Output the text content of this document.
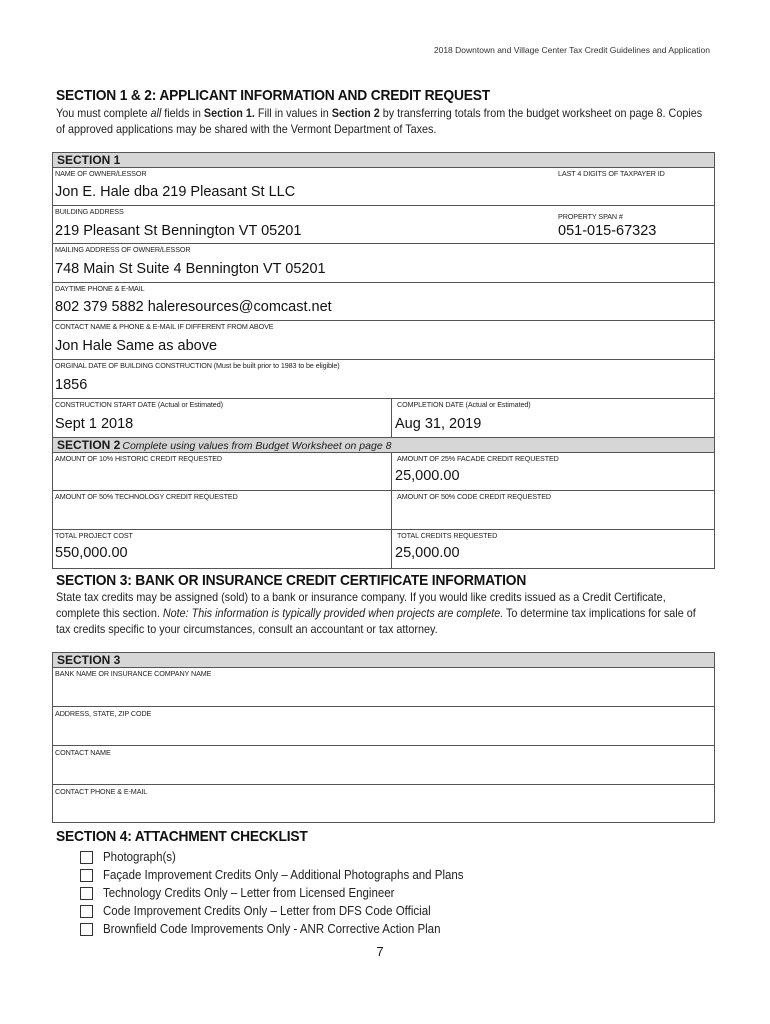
2018 Downtown and Village Center Tax Credit Guidelines and Application
SECTION 1 & 2: APPLICANT INFORMATION AND CREDIT REQUEST
You must complete all fields in Section 1. Fill in values in Section 2 by transferring totals from the budget worksheet on page 8. Copies of approved applications may be shared with the Vermont Department of Taxes.
SECTION 1
NAME OF OWNER/LESSOR
Jon E. Hale dba 219 Pleasant St LLC
LAST 4 DIGITS OF TAXPAYER ID
BUILDING ADDRESS
219 Pleasant St Bennington VT 05201
PROPERTY SPAN #
051-015-67323
MAILING ADDRESS OF OWNER/LESSOR
748 Main St Suite 4 Bennington VT 05201
DAYTIME PHONE & E-MAIL
802 379 5882 haleresources@comcast.net
CONTACT NAME & PHONE & E-MAIL IF DIFFERENT FROM ABOVE
Jon Hale Same as above
ORGINAL DATE OF BUILDING CONSTRUCTION (Must be built prior to 1983 to be eligible)
1856
CONSTRUCTION START DATE (Actual or Estimated)
Sept 1 2018
COMPLETION DATE (Actual or Estimated)
Aug 31, 2019
SECTION 2 Complete using values from Budget Worksheet on page 8
AMOUNT OF 10% HISTORIC CREDIT REQUESTED	AMOUNT OF 25% FACADE CREDIT REQUESTED
25,000.00
AMOUNT OF 50% TECHNOLOGY CREDIT REQUESTED	AMOUNT OF 50% CODE CREDIT REQUESTED
TOTAL PROJECT COST
550,000.00
TOTAL CREDITS REQUESTED
25,000.00
SECTION 3: BANK OR INSURANCE CREDIT CERTIFICATE INFORMATION
State tax credits may be assigned (sold) to a bank or insurance company. If you would like credits issued as a Credit Certificate, complete this section. Note: This information is typically provided when projects are complete. To determine tax implications for sale of tax credits specific to your circumstances, consult an accountant or tax attorney.
SECTION 3
BANK NAME OR INSURANCE COMPANY NAME
ADDRESS, STATE, ZIP CODE
CONTACT NAME
CONTACT PHONE & E-MAIL
SECTION 4: ATTACHMENT CHECKLIST
Photograph(s)
Façade Improvement Credits Only – Additional Photographs and Plans
Technology Credits Only – Letter from Licensed Engineer
Code Improvement Credits Only – Letter from DFS Code Official
Brownfield Code Improvements Only - ANR Corrective Action Plan
7
